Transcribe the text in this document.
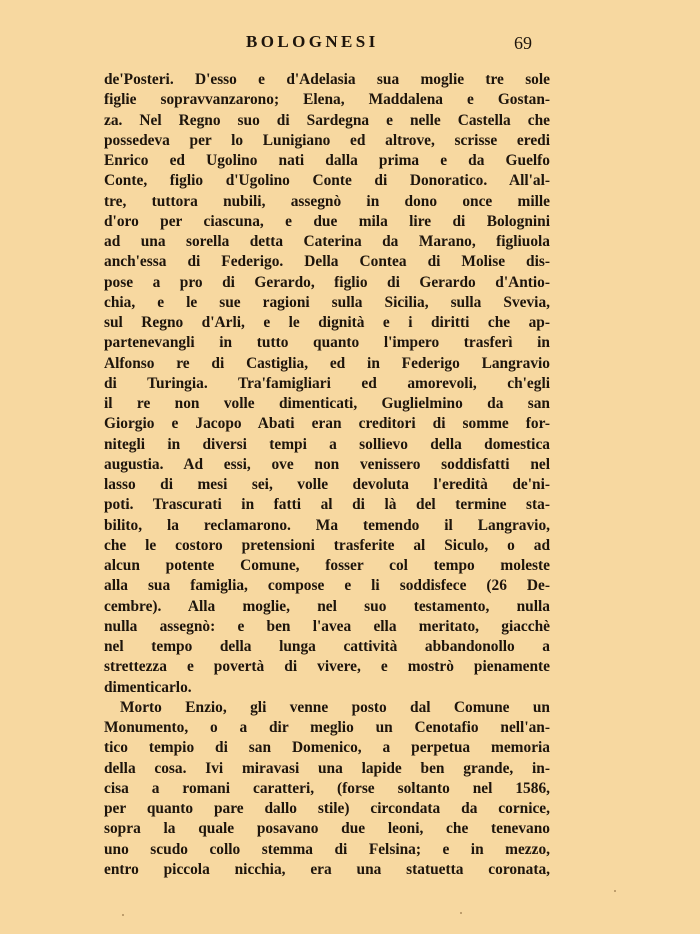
BOLOGNESI	69
de'Posteri. D'esso e d'Adelasia sua moglie tre sole
figlie sopravvanzarono; Elena, Maddalena e Gostan-
za. Nel Regno suo di Sardegna e nelle Castella che
possedeva per lo Lunigiano ed altrove, scrisse eredi
Enrico ed Ugolino nati dalla prima e da Guelfo
Conte, figlio d'Ugolino Conte di Donoratico. All'al-
tre, tuttora nubili, assegnò in dono once mille
d'oro per ciascuna, e due mila lire di Bolognini
ad una sorella detta Caterina da Marano, figliuola
anch'essa di Federigo. Della Contea di Molise dis-
pose a pro di Gerardo, figlio di Gerardo d'Antio-
chia, e le sue ragioni sulla Sicilia, sulla Svevia,
sul Regno d'Arli, e le dignità e i diritti che ap-
partenevangli in tutto quanto l'impero trasferì in
Alfonso re di Castiglia, ed in Federigo Langravio
di Turingia. Tra'famigliari ed amorevoli, ch'egli
il re non volle dimenticati, Guglielmino da san
Giorgio e Jacopo Abati eran creditori di somme for-
nitegli in diversi tempi a sollievo della domestica
augustia. Ad essi, ove non venissero soddisfatti nel
lasso di mesi sei, volle devoluta l'eredità de'ni-
poti. Trascurati in fatti al di là del termine sta-
bilito, la reclamarono. Ma temendo il Langravio,
che le costoro pretensioni trasferite al Siculo, o ad
alcun potente Comune, fosser col tempo moleste
alla sua famiglia, compose e li soddisfece (26 De-
cembre). Alla moglie, nel suo testamento, nulla
nulla assegnò: e ben l'avea ella meritato, giacchè
nel tempo della lunga cattività abbandonollo a
strettezza e povertà di vivere, e mostrò pienamente
dimenticarlo.
Morto Enzio, gli venne posto dal Comune un
Monumento, o a dir meglio un Cenotafio nell'an-
tico tempio di san Domenico, a perpetua memoria
della cosa. Ivi miravasi una lapide ben grande, in-
cisa a romani caratteri, (forse soltanto nel 1586,
per quanto pare dallo stile) circondata da cornice,
sopra la quale posavano due leoni, che tenevano
uno scudo collo stemma di Felsina; e in mezzo,
entro piccola nicchia, era una statuetta coronata,
